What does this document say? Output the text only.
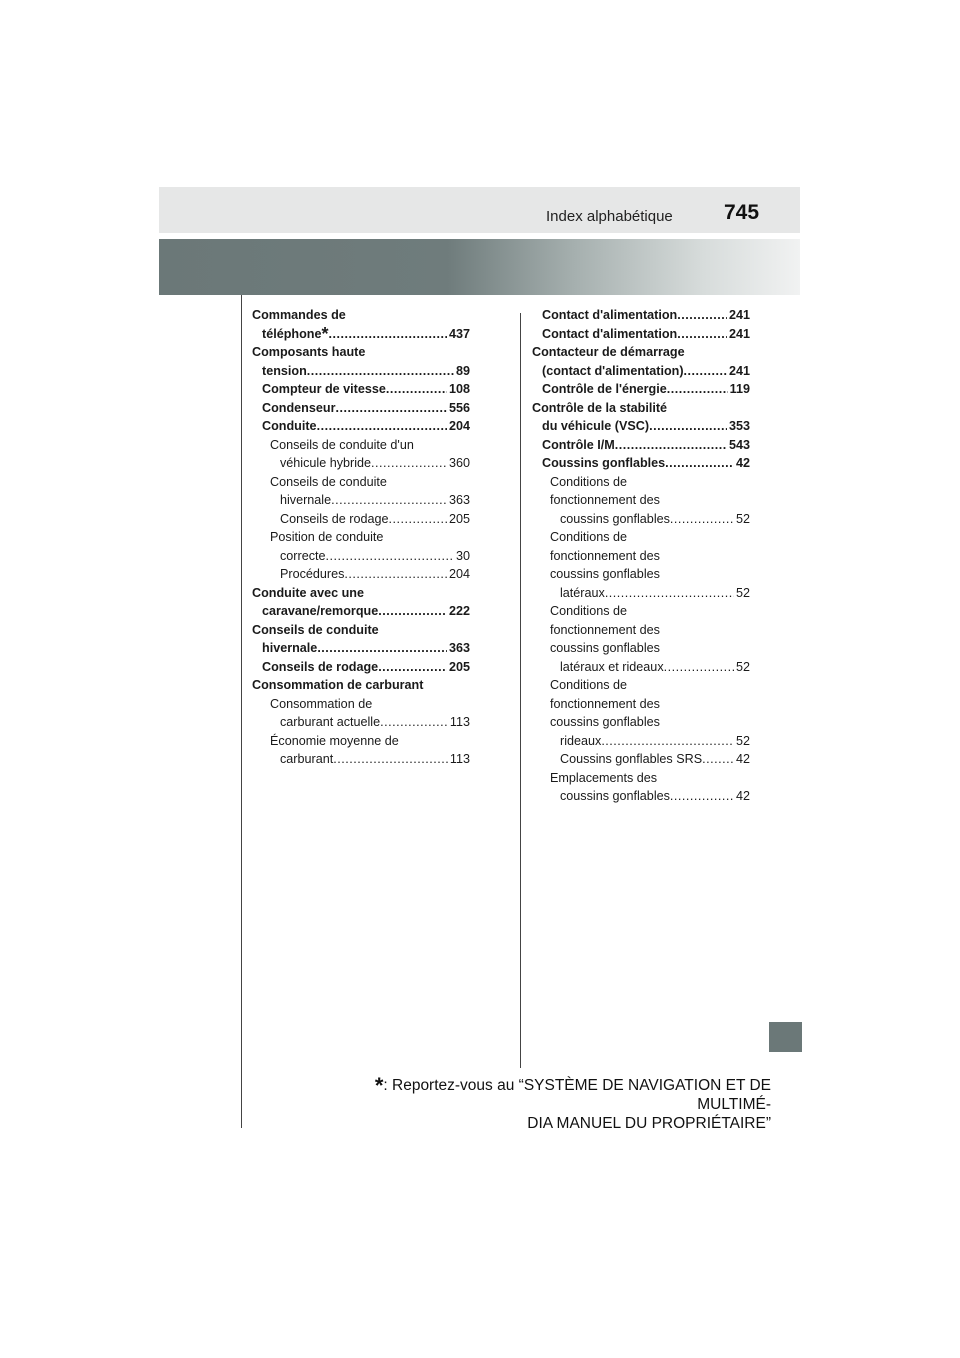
Index alphabétique 745
Commandes de
téléphone * .....	437
Composants haute
tension .....	89
Compteur de vitesse .....	108
Condenseur .....	556
Conduite .....	204
Conseils de conduite d'un
véhicule hybride .....	360
Conseils de conduite
hivernale .....	363
Conseils de rodage .....	205
Position de conduite
correcte .....	30
Procédures .....	204
Conduite avec une
caravane/remorque .....	222
Conseils de conduite
hivernale .....	363
Conseils de rodage .....	205
Consommation de carburant
Consommation de
carburant actuelle .....	113
Économie moyenne de
carburant .....	113
Contact d'alimentation .....	241
Contact d'alimentation .....	241
Contacteur de démarrage
(contact d'alimentation) .....	241
Contrôle de l'énergie .....	119
Contrôle de la stabilité
du véhicule (VSC) .....	353
Contrôle I/M .....	543
Coussins gonflables .....	42
Conditions de
fonctionnement des
coussins gonflables .....	52
Conditions de
fonctionnement des
coussins gonflables
latéraux .....	52
Conditions de
fonctionnement des
coussins gonflables
latéraux et rideaux .....	52
Conditions de
fonctionnement des
coussins gonflables
rideaux .....	52
Coussins gonflables SRS .....	42
Emplacements des
coussins gonflables .....	42
*: Reportez-vous au “SYSTÈME DE NAVIGATION ET DE MULTIMÉ-
DIA MANUEL DU PROPRIÉTAIRE”
